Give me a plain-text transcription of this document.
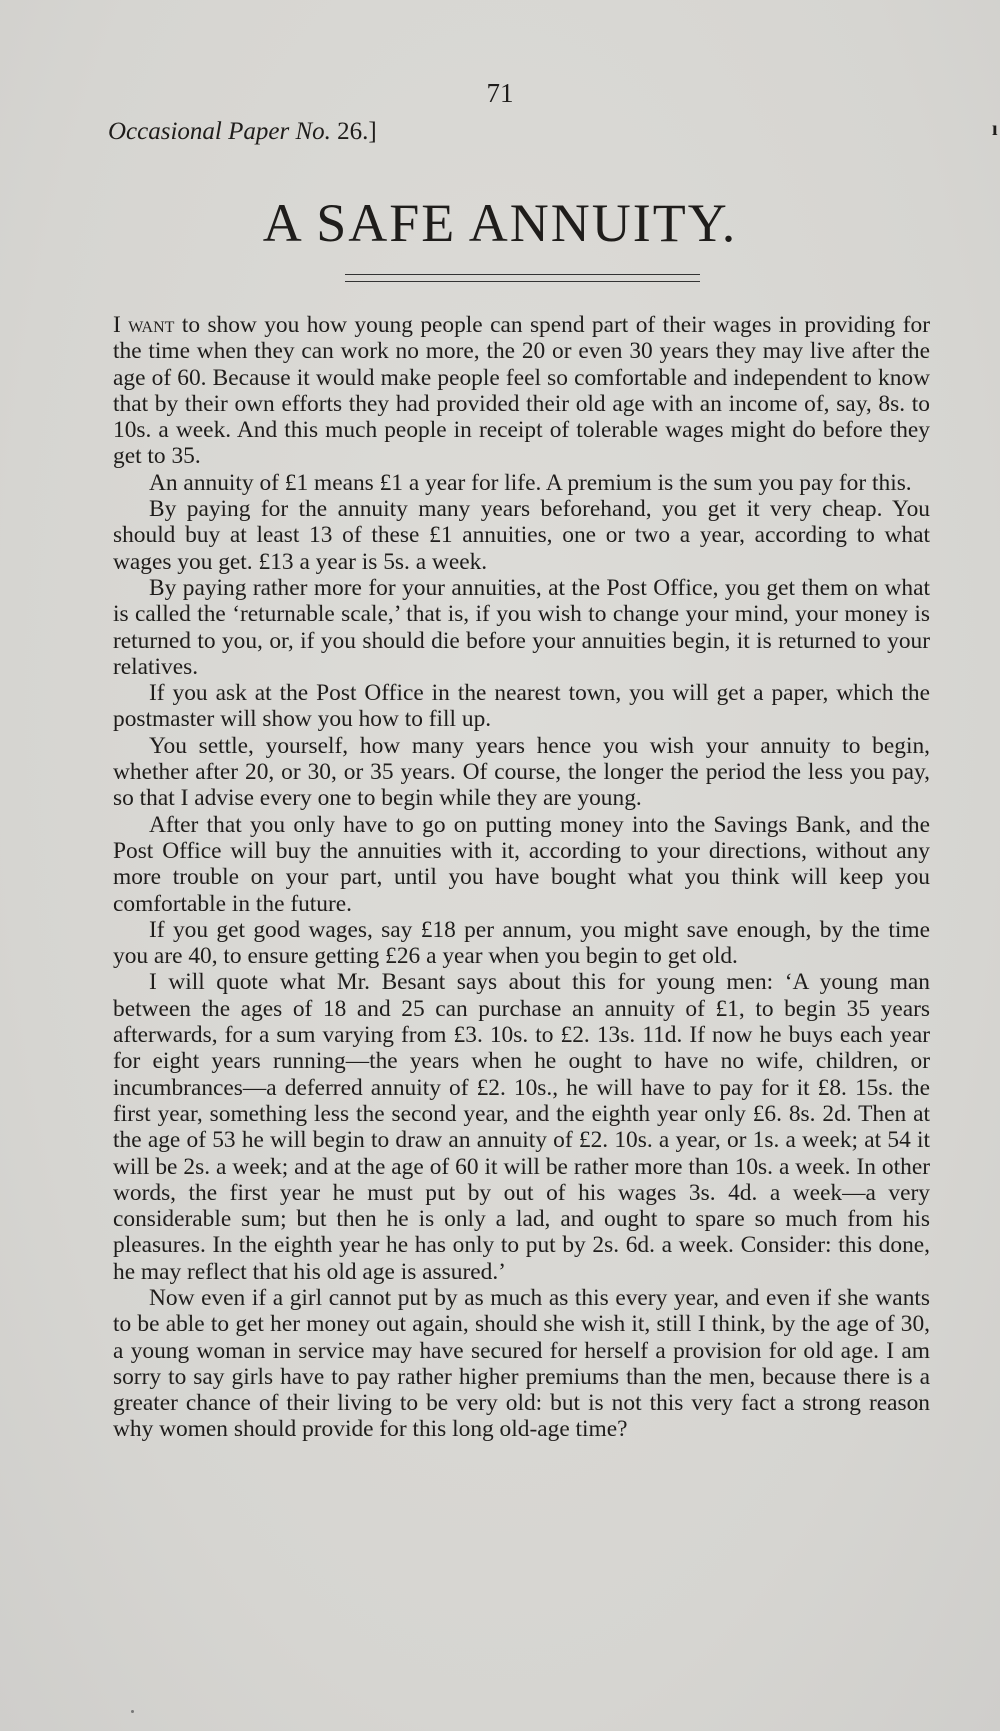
71
Occasional Paper No. 26.]	ı
A SAFE ANNUITY.

I want to show you how young people can spend part of their wages in providing for the time when they can work no more, the 20 or even 30 years they may live after the age of 60. Because it would make people feel so comfortable and independent to know that by their own efforts they had provided their old age with an income of, say, 8s. to 10s. a week. And this much people in receipt of tolerable wages might do before they get to 35.

An annuity of £1 means £1 a year for life. A premium is the sum you pay for this.

By paying for the annuity many years beforehand, you get it very cheap. You should buy at least 13 of these £1 annuities, one or two a year, according to what wages you get. £13 a year is 5s. a week.

By paying rather more for your annuities, at the Post Office, you get them on what is called the ‘returnable scale,’ that is, if you wish to change your mind, your money is returned to you, or, if you should die before your annuities begin, it is returned to your relatives.

If you ask at the Post Office in the nearest town, you will get a paper, which the postmaster will show you how to fill up.

You settle, yourself, how many years hence you wish your annuity to begin, whether after 20, or 30, or 35 years. Of course, the longer the period the less you pay, so that I advise every one to begin while they are young.

After that you only have to go on putting money into the Savings Bank, and the Post Office will buy the annuities with it, according to your directions, without any more trouble on your part, until you have bought what you think will keep you comfortable in the future.

If you get good wages, say £18 per annum, you might save enough, by the time you are 40, to ensure getting £26 a year when you begin to get old.

I will quote what Mr. Besant says about this for young men: ‘A young man between the ages of 18 and 25 can purchase an annuity of £1, to begin 35 years afterwards, for a sum varying from £3. 10s. to £2. 13s. 11d. If now he buys each year for eight years running—the years when he ought to have no wife, children, or incumbrances—a deferred annuity of £2. 10s., he will have to pay for it £8. 15s. the first year, something less the second year, and the eighth year only £6. 8s. 2d. Then at the age of 53 he will begin to draw an annuity of £2. 10s. a year, or 1s. a week; at 54 it will be 2s. a week; and at the age of 60 it will be rather more than 10s. a week. In other words, the first year he must put by out of his wages 3s. 4d. a week—a very considerable sum; but then he is only a lad, and ought to spare so much from his pleasures. In the eighth year he has only to put by 2s. 6d. a week. Consider: this done, he may reflect that his old age is assured.’

Now even if a girl cannot put by as much as this every year, and even if she wants to be able to get her money out again, should she wish it, still I think, by the age of 30, a young woman in service may have secured for herself a provision for old age. I am sorry to say girls have to pay rather higher premiums than the men, because there is a greater chance of their living to be very old: but is not this very fact a strong reason why women should provide for this long old-age time?
